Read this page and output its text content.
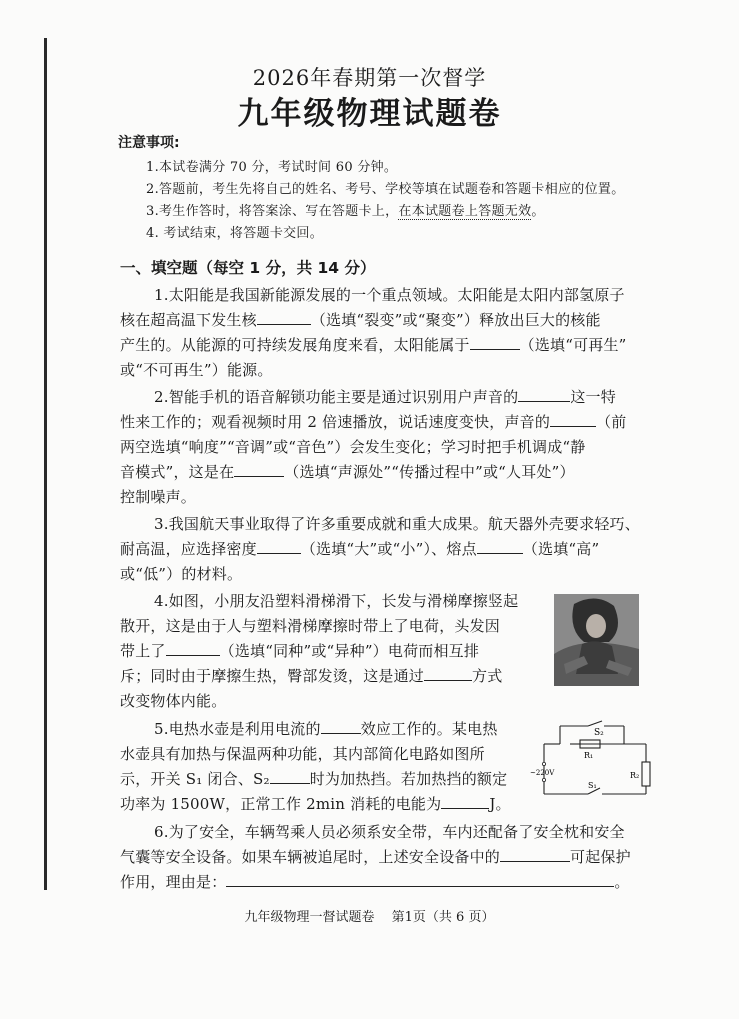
2026年春期第一次督学
九年级物理试题卷
注意事项:
1.本试卷满分 70 分，考试时间 60 分钟。
2.答题前，考生先将自己的姓名、考号、学校等填在试题卷和答题卡相应的位置。
3.考生作答时，将答案涂、写在答题卡上，在本试题卷上答题无效。
4. 考试结束，将答题卡交回。
一、填空题（每空 1 分，共 14 分）
1.太阳能是我国新能源发展的一个重点领域。太阳能是太阳内部氢原子
核在超高温下发生核	（选填“裂变”或“聚变”）释放出巨大的核能
产生的。从能源的可持续发展角度来看，太阳能属于	（选填“可再生”
或“不可再生”）能源。
2.智能手机的语音解锁功能主要是通过识别用户声音的	这一特
性来工作的；观看视频时用 2 倍速播放，说话速度变快，声音的	（前
两空选填“响度”“音调”或“音色”）会发生变化；学习时把手机调成“静
音模式”，这是在	（选填“声源处”“传播过程中”或“人耳处”）
控制噪声。
3.我国航天事业取得了许多重要成就和重大成果。航天器外壳要求轻巧、
耐高温，应选择密度	（选填“大”或“小”）、熔点	（选填“高”
或“低”）的材料。
4.如图，小朋友沿塑料滑梯滑下，长发与滑梯摩擦竖起
散开，这是由于人与塑料滑梯摩擦时带上了电荷，头发因
带上了	（选填“同种”或“异种”）电荷而相互排
斥；同时由于摩擦生热，臀部发烫，这是通过	方式
改变物体内能。
5.电热水壶是利用电流的	效应工作的。某电热
水壶具有加热与保温两种功能，其内部简化电路如图所
示，开关 S₁ 闭合、S₂	时为加热挡。若加热挡的额定
功率为 1500W，正常工作 2min 消耗的电能为	J。
S₂
R₁
R₂
S₁
~220V
6.为了安全，车辆驾乘人员必须系安全带，车内还配备了安全枕和安全
气囊等安全设备。如果车辆被追尾时，上述安全设备中的	可起保护
作用，理由是：	。
九年级物理一督试题卷　 第1页（共 6 页）
